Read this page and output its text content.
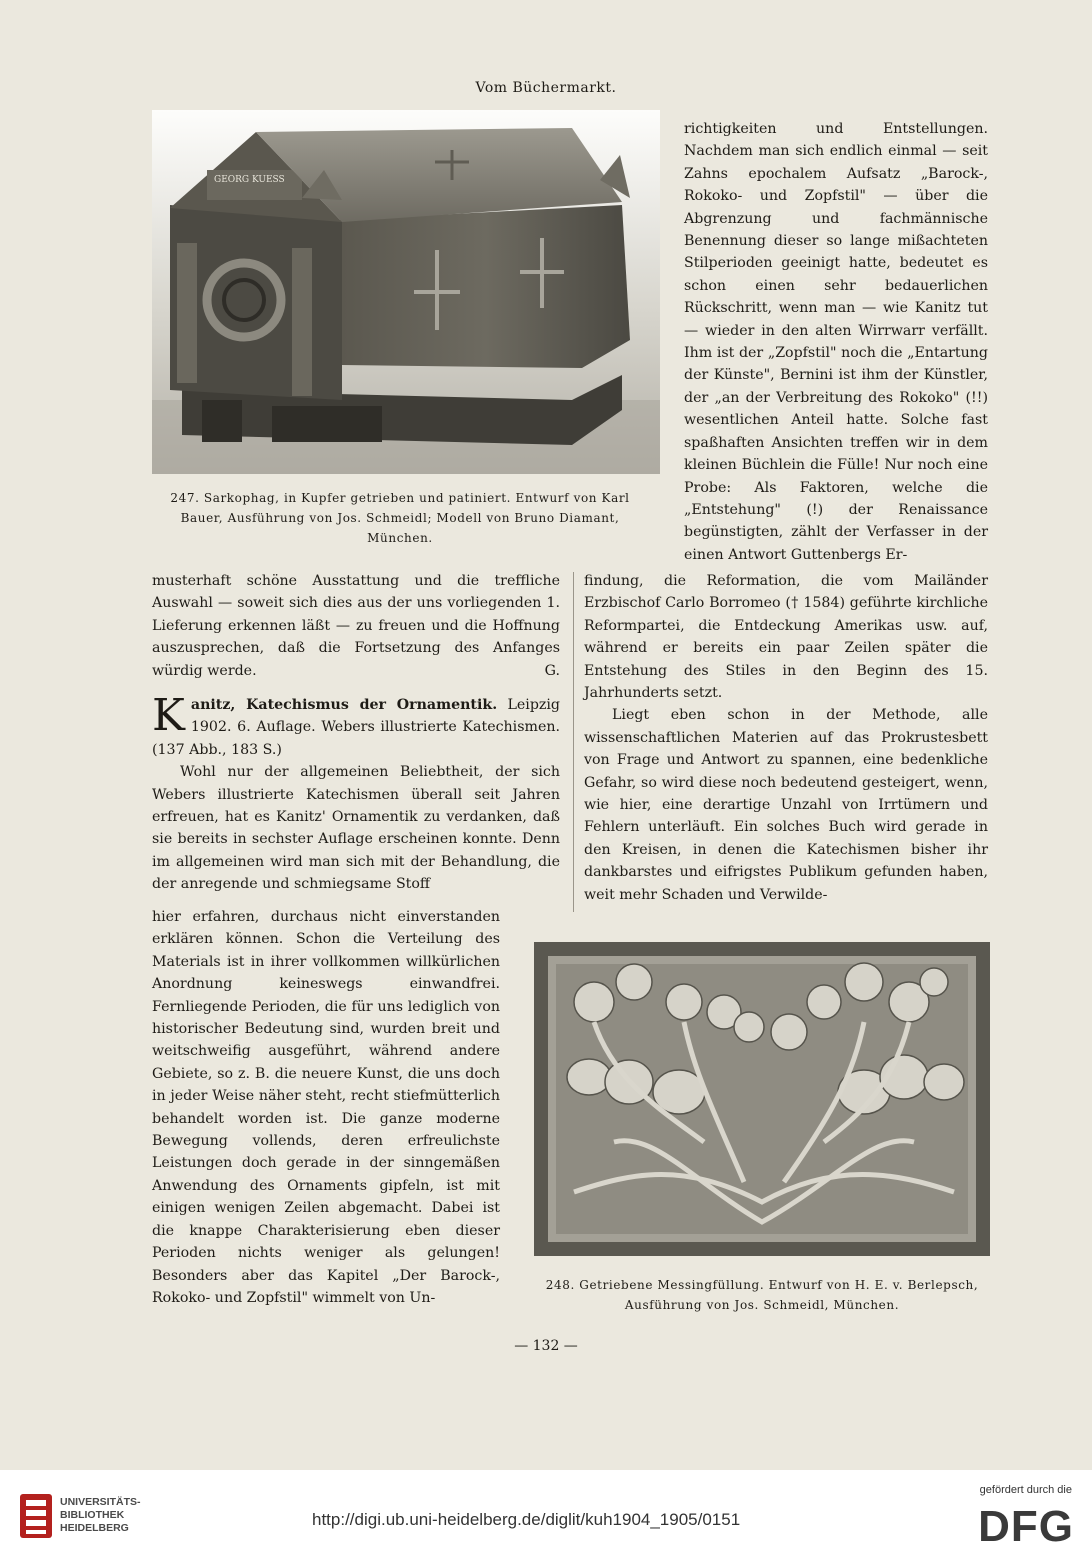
Vom Büchermarkt.
GEORG KUESS
247. Sarkophag, in Kupfer getrieben und patiniert. Entwurf von Karl
Bauer, Ausführung von Jos. Schmeidl; Modell von Bruno Diamant,
München.

richtigkeiten und Entstellungen. Nachdem man sich endlich einmal — seit Zahns epochalem Aufsatz „Barock-, Rokoko- und Zopfstil" — über die Abgrenzung und fachmännische Benennung dieser so lange mißachteten Stilperioden geeinigt hatte, bedeutet es schon einen sehr bedauerlichen Rückschritt, wenn man — wie Kanitz tut — wieder in den alten Wirrwarr verfällt. Ihm ist der „Zopfstil" noch die „Entartung der Künste", Bernini ist ihm der Künstler, der „an der Verbreitung des Rokoko" (!!) wesentlichen Anteil hatte. Solche fast spaßhaften Ansichten treffen wir in dem kleinen Büchlein die Fülle! Nur noch eine Probe: Als Faktoren, welche die „Entstehung" (!) der Renaissance begünstigten, zählt der Verfasser in der einen Antwort Guttenbergs Er-

musterhaft schöne Ausstattung und die treffliche Auswahl — soweit sich dies aus der uns vorliegenden 1. Lieferung erkennen läßt — zu freuen und die Hoffnung auszusprechen, daß die Fortsetzung des Anfanges würdig werde.	G.

Kanitz, Katechismus der Ornamentik. Leipzig 1902. 6. Auflage. Webers illustrierte Katechismen. (137 Abb., 183 S.)

Wohl nur der allgemeinen Beliebtheit, der sich Webers illustrierte Katechismen überall seit Jahren erfreuen, hat es Kanitz' Ornamentik zu verdanken, daß sie bereits in sechster Auflage erscheinen konnte. Denn im allgemeinen wird man sich mit der Behandlung, die der anregende und schmiegsame Stoff

findung, die Reformation, die vom Mailänder Erzbischof Carlo Borromeo († 1584) geführte kirchliche Reformpartei, die Entdeckung Amerikas usw. auf, während er bereits ein paar Zeilen später die Entstehung des Stiles in den Beginn des 15. Jahrhunderts setzt.

Liegt eben schon in der Methode, alle wissenschaftlichen Materien auf das Prokrustesbett von Frage und Antwort zu spannen, eine bedenkliche Gefahr, so wird diese noch bedeutend gesteigert, wenn, wie hier, eine derartige Unzahl von Irrtümern und Fehlern unterläuft. Ein solches Buch wird gerade in den Kreisen, in denen die Katechismen bisher ihr dankbarstes und eifrigstes Publikum gefunden haben, weit mehr Schaden und Verwilde-

hier erfahren, durchaus nicht einverstanden erklären können. Schon die Verteilung des Materials ist in ihrer vollkommen willkürlichen Anordnung keineswegs einwandfrei. Fernliegende Perioden, die für uns lediglich von historischer Bedeutung sind, wurden breit und weitschweifig ausgeführt, während andere Gebiete, so z. B. die neuere Kunst, die uns doch in jeder Weise näher steht, recht stiefmütterlich behandelt worden ist. Die ganze moderne Bewegung vollends, deren erfreulichste Leistungen doch gerade in der sinngemäßen Anwendung des Ornaments gipfeln, ist mit einigen wenigen Zeilen abgemacht. Dabei ist die knappe Charakterisierung eben dieser Perioden nichts weniger als gelungen! Besonders aber das Kapitel „Der Barock-, Rokoko- und Zopfstil" wimmelt von Un-

248. Getriebene Messingfüllung. Entwurf von H. E. v. Berlepsch,
Ausführung von Jos. Schmeidl, München.
— 132 —
UNIVERSITÄTS-
BIBLIOTHEK
HEIDELBERG	http://digi.ub.uni-heidelberg.de/diglit/kuh1904_1905/0151
gefördert durch die
DFG
